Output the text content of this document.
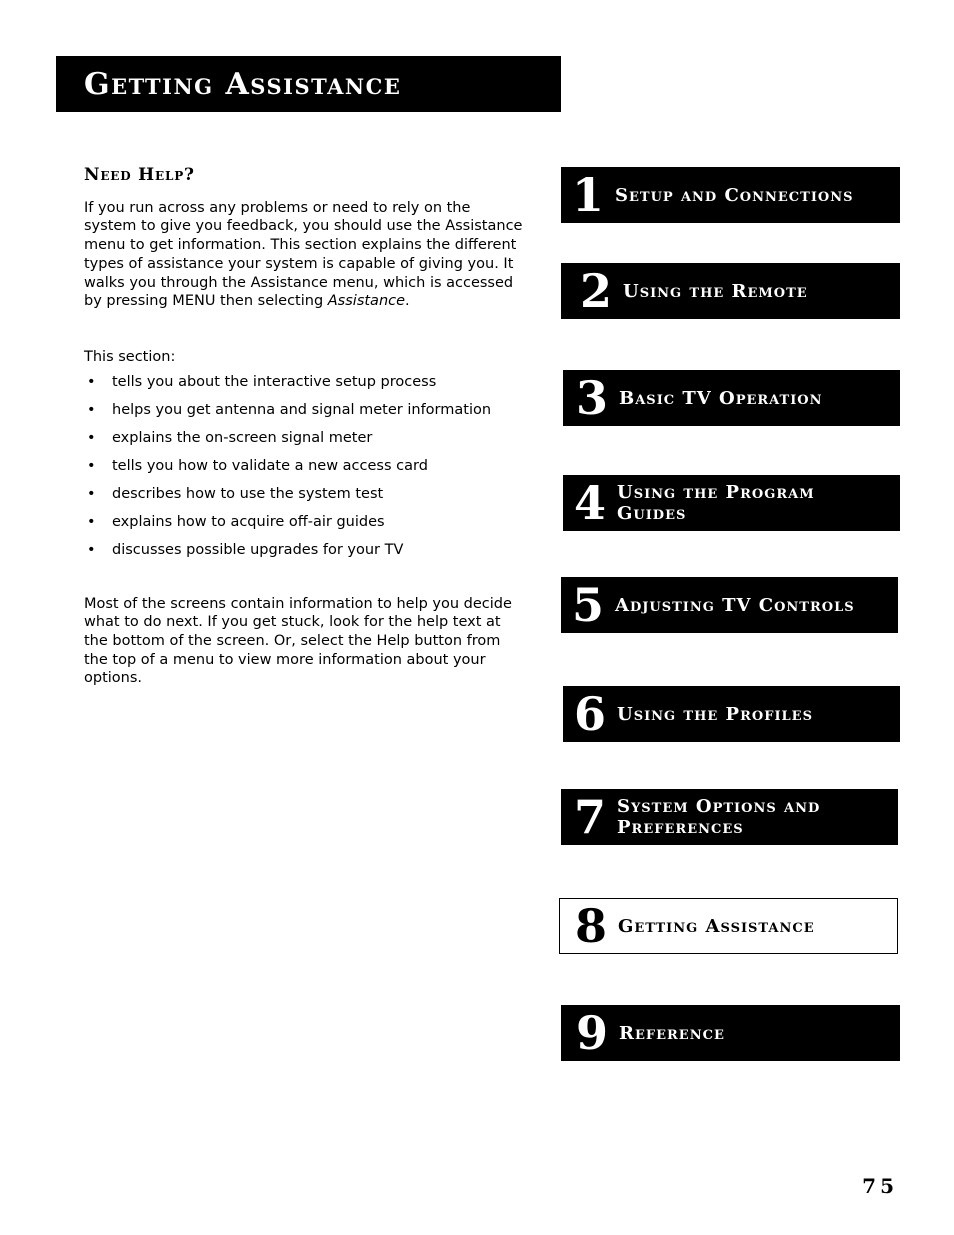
Getting Assistance
Need Help?

If you run across any problems or need to rely on the system to give you feedback, you should use the Assistance menu to get information. This section explains the different types of assistance your system is capable of giving you. It walks you through the Assistance menu, which is accessed by pressing MENU then selecting Assistance.

This section:

• tells you about the interactive setup process
• helps you get antenna and signal meter information
• explains the on-screen signal meter
• tells you how to validate a new access card
• describes how to use the system test
• explains how to acquire off-air guides
• discusses possible upgrades for your TV

Most of the screens contain information to help you decide what to do next. If you get stuck, look for the help text at the bottom of the screen. Or, select the Help button from the top of a menu to view more information about your options.

1 Setup and Connections
2 Using the Remote
3 Basic TV Operation
4 Using the Program
Guides
5 Adjusting TV Controls
6 Using the Profiles
7 System Options and
Preferences
8 Getting Assistance
9 Reference
75
